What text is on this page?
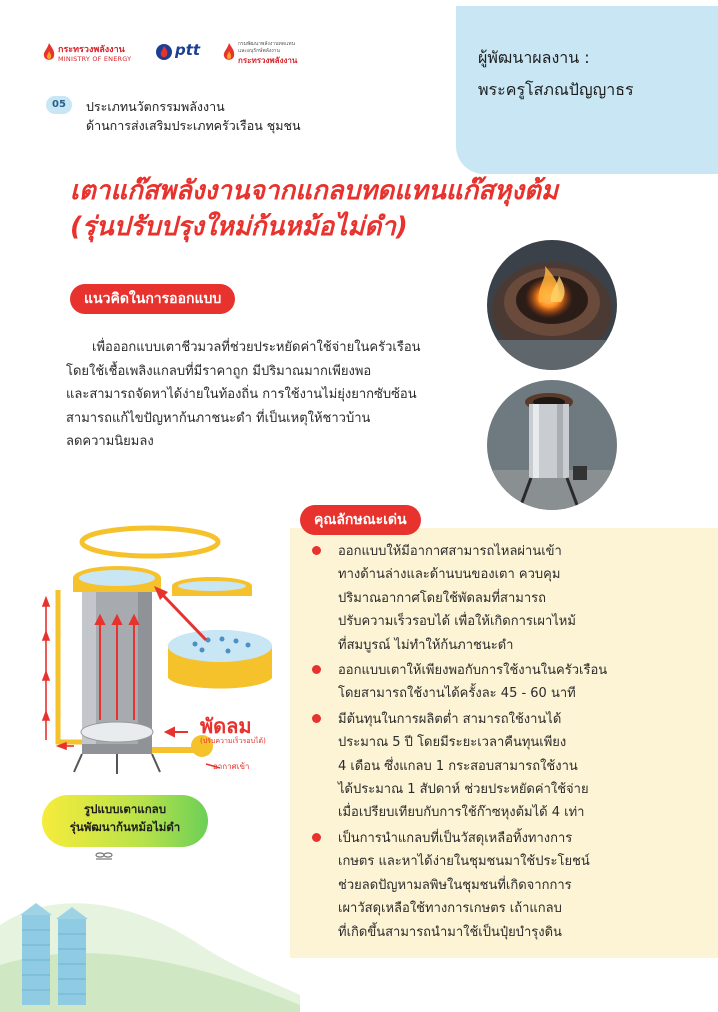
กระทรวงพลังงาน
MINISTRY OF ENERGY	ptt	กรมพัฒนาพลังงานทดแทน
และอนุรักษ์พลังงาน
กระทรวงพลังงาน	ผู้พัฒนาผลงาน :
พระครูโสภณปัญญาธร
05	ประเภทนวัตกรรมพลังงาน
ด้านการส่งเสริมประเภทครัวเรือน ชุมชน
เตาแก๊สพลังงานจากแกลบทดแทนแก๊สหุงต้ม
(รุ่นปรับปรุงใหม่ก้นหม้อไม่ดำ)
แนวคิดในการออกแบบ
เพื่อออกแบบเตาชีวมวลที่ช่วยประหยัดค่าใช้จ่ายในครัวเรือน
โดยใช้เชื้อเพลิงแกลบที่มีราคาถูก มีปริมาณมากเพียงพอ
และสามารถจัดหาได้ง่ายในท้องถิ่น การใช้งานไม่ยุ่งยากซับซ้อน
สามารถแก้ไขปัญหาก้นภาชนะดำ ที่เป็นเหตุให้ชาวบ้าน
ลดความนิยมลง
คุณลักษณะเด่น
ออกแบบให้มีอากาศสามารถไหลผ่านเข้า
ทางด้านล่างและด้านบนของเตา ควบคุม
ปริมาณอากาศโดยใช้พัดลมที่สามารถ
ปรับความเร็วรอบได้ เพื่อให้เกิดการเผาไหม้
ที่สมบูรณ์ ไม่ทำให้ก้นภาชนะดำ
ออกแบบเตาให้เพียงพอกับการใช้งานในครัวเรือน
โดยสามารถใช้งานได้ครั้งละ 45 - 60 นาที
มีต้นทุนในการผลิตต่ำ สามารถใช้งานได้
ประมาณ 5 ปี โดยมีระยะเวลาคืนทุนเพียง
4 เดือน ซึ่งแกลบ 1 กระสอบสามารถใช้งาน
ได้ประมาณ 1 สัปดาห์ ช่วยประหยัดค่าใช้จ่าย
เมื่อเปรียบเทียบกับการใช้ก๊าซหุงต้มได้ 4 เท่า
เป็นการนำแกลบที่เป็นวัสดุเหลือทิ้งทางการ
เกษตร และหาได้ง่ายในชุมชนมาใช้ประโยชน์
ช่วยลดปัญหามลพิษในชุมชนที่เกิดจากการ
เผาวัสดุเหลือใช้ทางการเกษตร เถ้าแกลบ
ที่เกิดขึ้นสามารถนำมาใช้เป็นปุ๋ยบำรุงดิน
พัดลม
(ปรับความเร็วรอบได้)
อากาศเข้า
รูปแบบเตาแกลบ
รุ่นพัฒนาก้นหม้อไม่ดำ
